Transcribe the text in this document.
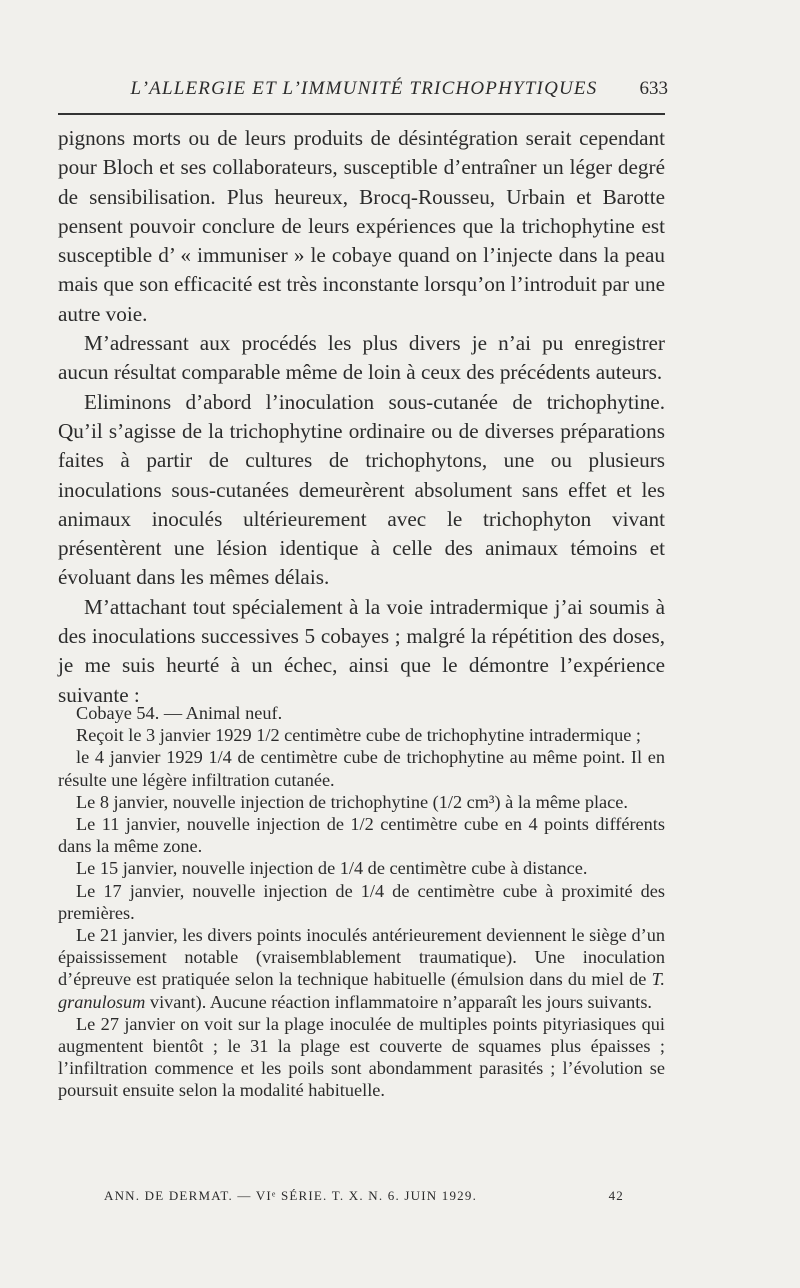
L’ALLERGIE ET L’IMMUNITÉ TRICHOPHYTIQUES	633

pignons morts ou de leurs produits de désintégration serait cependant pour Bloch et ses collaborateurs, susceptible d’entraîner un léger degré de sensibilisation. Plus heureux, Brocq-Rousseu, Urbain et Barotte pensent pouvoir conclure de leurs expériences que la trichophytine est susceptible d’ « immuniser » le cobaye quand on l’injecte dans la peau mais que son efficacité est très inconstante lorsqu’on l’introduit par une autre voie.

M’adressant aux procédés les plus divers je n’ai pu enregistrer aucun résultat comparable même de loin à ceux des précédents auteurs.

Eliminons d’abord l’inoculation sous-cutanée de trichophytine. Qu’il s’agisse de la trichophytine ordinaire ou de diverses préparations faites à partir de cultures de trichophytons, une ou plusieurs inoculations sous-cutanées demeurèrent absolument sans effet et les animaux inoculés ultérieurement avec le trichophyton vivant présentèrent une lésion identique à celle des animaux témoins et évoluant dans les mêmes délais.

M’attachant tout spécialement à la voie intradermique j’ai soumis à des inoculations successives 5 cobayes ; malgré la répétition des doses, je me suis heurté à un échec, ainsi que le démontre l’expérience suivante :

Cobaye 54. — Animal neuf.

Reçoit le 3 janvier 1929 1/2 centimètre cube de trichophytine intradermique ;

le 4 janvier 1929 1/4 de centimètre cube de trichophytine au même point. Il en résulte une légère infiltration cutanée.

Le 8 janvier, nouvelle injection de trichophytine (1/2 cm³) à la même place.

Le 11 janvier, nouvelle injection de 1/2 centimètre cube en 4 points différents dans la même zone.

Le 15 janvier, nouvelle injection de 1/4 de centimètre cube à distance.

Le 17 janvier, nouvelle injection de 1/4 de centimètre cube à proximité des premières.

Le 21 janvier, les divers points inoculés antérieurement deviennent le siège d’un épaississement notable (vraisemblablement traumatique). Une inoculation d’épreuve est pratiquée selon la technique habituelle (émulsion dans du miel de T. granulosum vivant). Aucune réaction inflammatoire n’apparaît les jours suivants.

Le 27 janvier on voit sur la plage inoculée de multiples points pityriasiques qui augmentent bientôt ; le 31 la plage est couverte de squames plus épaisses ; l’infiltration commence et les poils sont abondamment parasités ; l’évolution se poursuit ensuite selon la modalité habituelle.

ANN. DE DERMAT. — VIᵉ SÉRIE. T. X. N. 6. JUIN 1929.	42
